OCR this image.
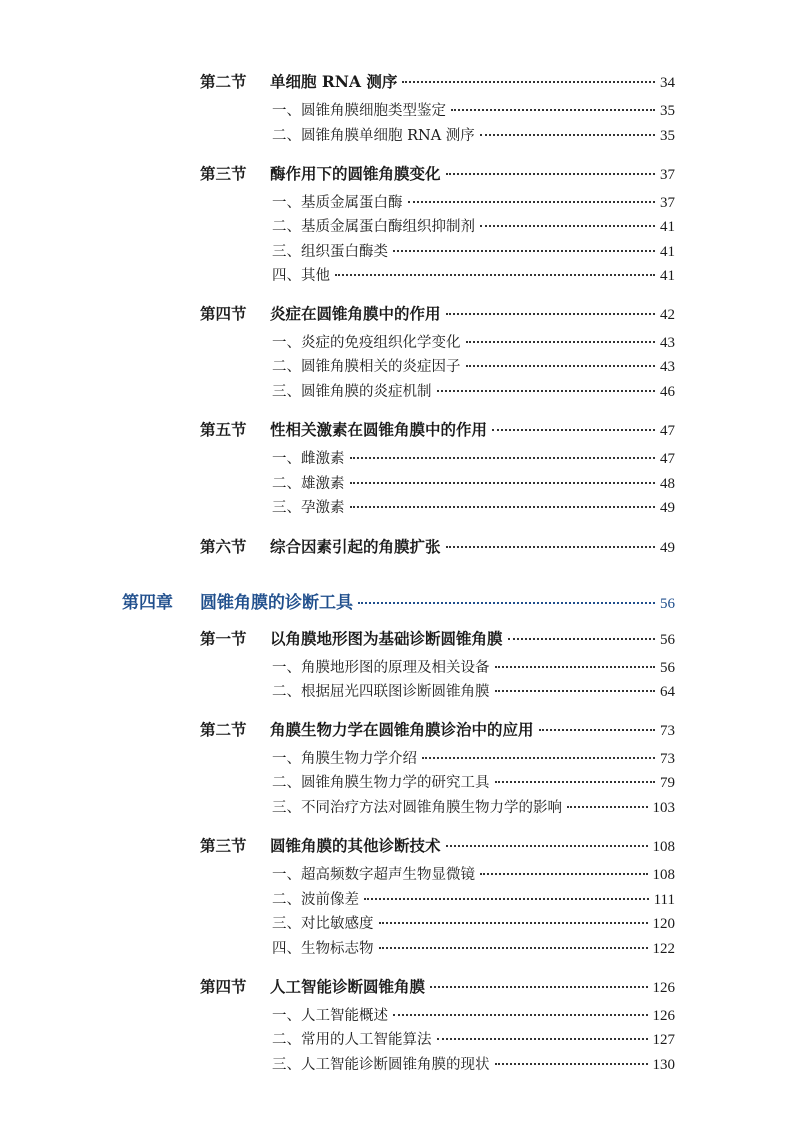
第二节 单细胞 RNA 测序	34
一、圆锥角膜细胞类型鉴定	35
二、圆锥角膜单细胞 RNA 测序	35
第三节 酶作用下的圆锥角膜变化	37
一、基质金属蛋白酶	37
二、基质金属蛋白酶组织抑制剂	41
三、组织蛋白酶类	41
四、其他	41
第四节 炎症在圆锥角膜中的作用	42
一、炎症的免疫组织化学变化	43
二、圆锥角膜相关的炎症因子	43
三、圆锥角膜的炎症机制	46
第五节 性相关激素在圆锥角膜中的作用	47
一、雌激素	47
二、雄激素	48
三、孕激素	49
第六节 综合因素引起的角膜扩张	49
第四章 圆锥角膜的诊断工具	56
第一节 以角膜地形图为基础诊断圆锥角膜	56
一、角膜地形图的原理及相关设备	56
二、根据屈光四联图诊断圆锥角膜	64
第二节 角膜生物力学在圆锥角膜诊治中的应用	73
一、角膜生物力学介绍	73
二、圆锥角膜生物力学的研究工具	79
三、不同治疗方法对圆锥角膜生物力学的影响	103
第三节 圆锥角膜的其他诊断技术	108
一、超高频数字超声生物显微镜	108
二、波前像差	111
三、对比敏感度	120
四、生物标志物	122
第四节 人工智能诊断圆锥角膜	126
一、人工智能概述	126
二、常用的人工智能算法	127
三、人工智能诊断圆锥角膜的现状	130
